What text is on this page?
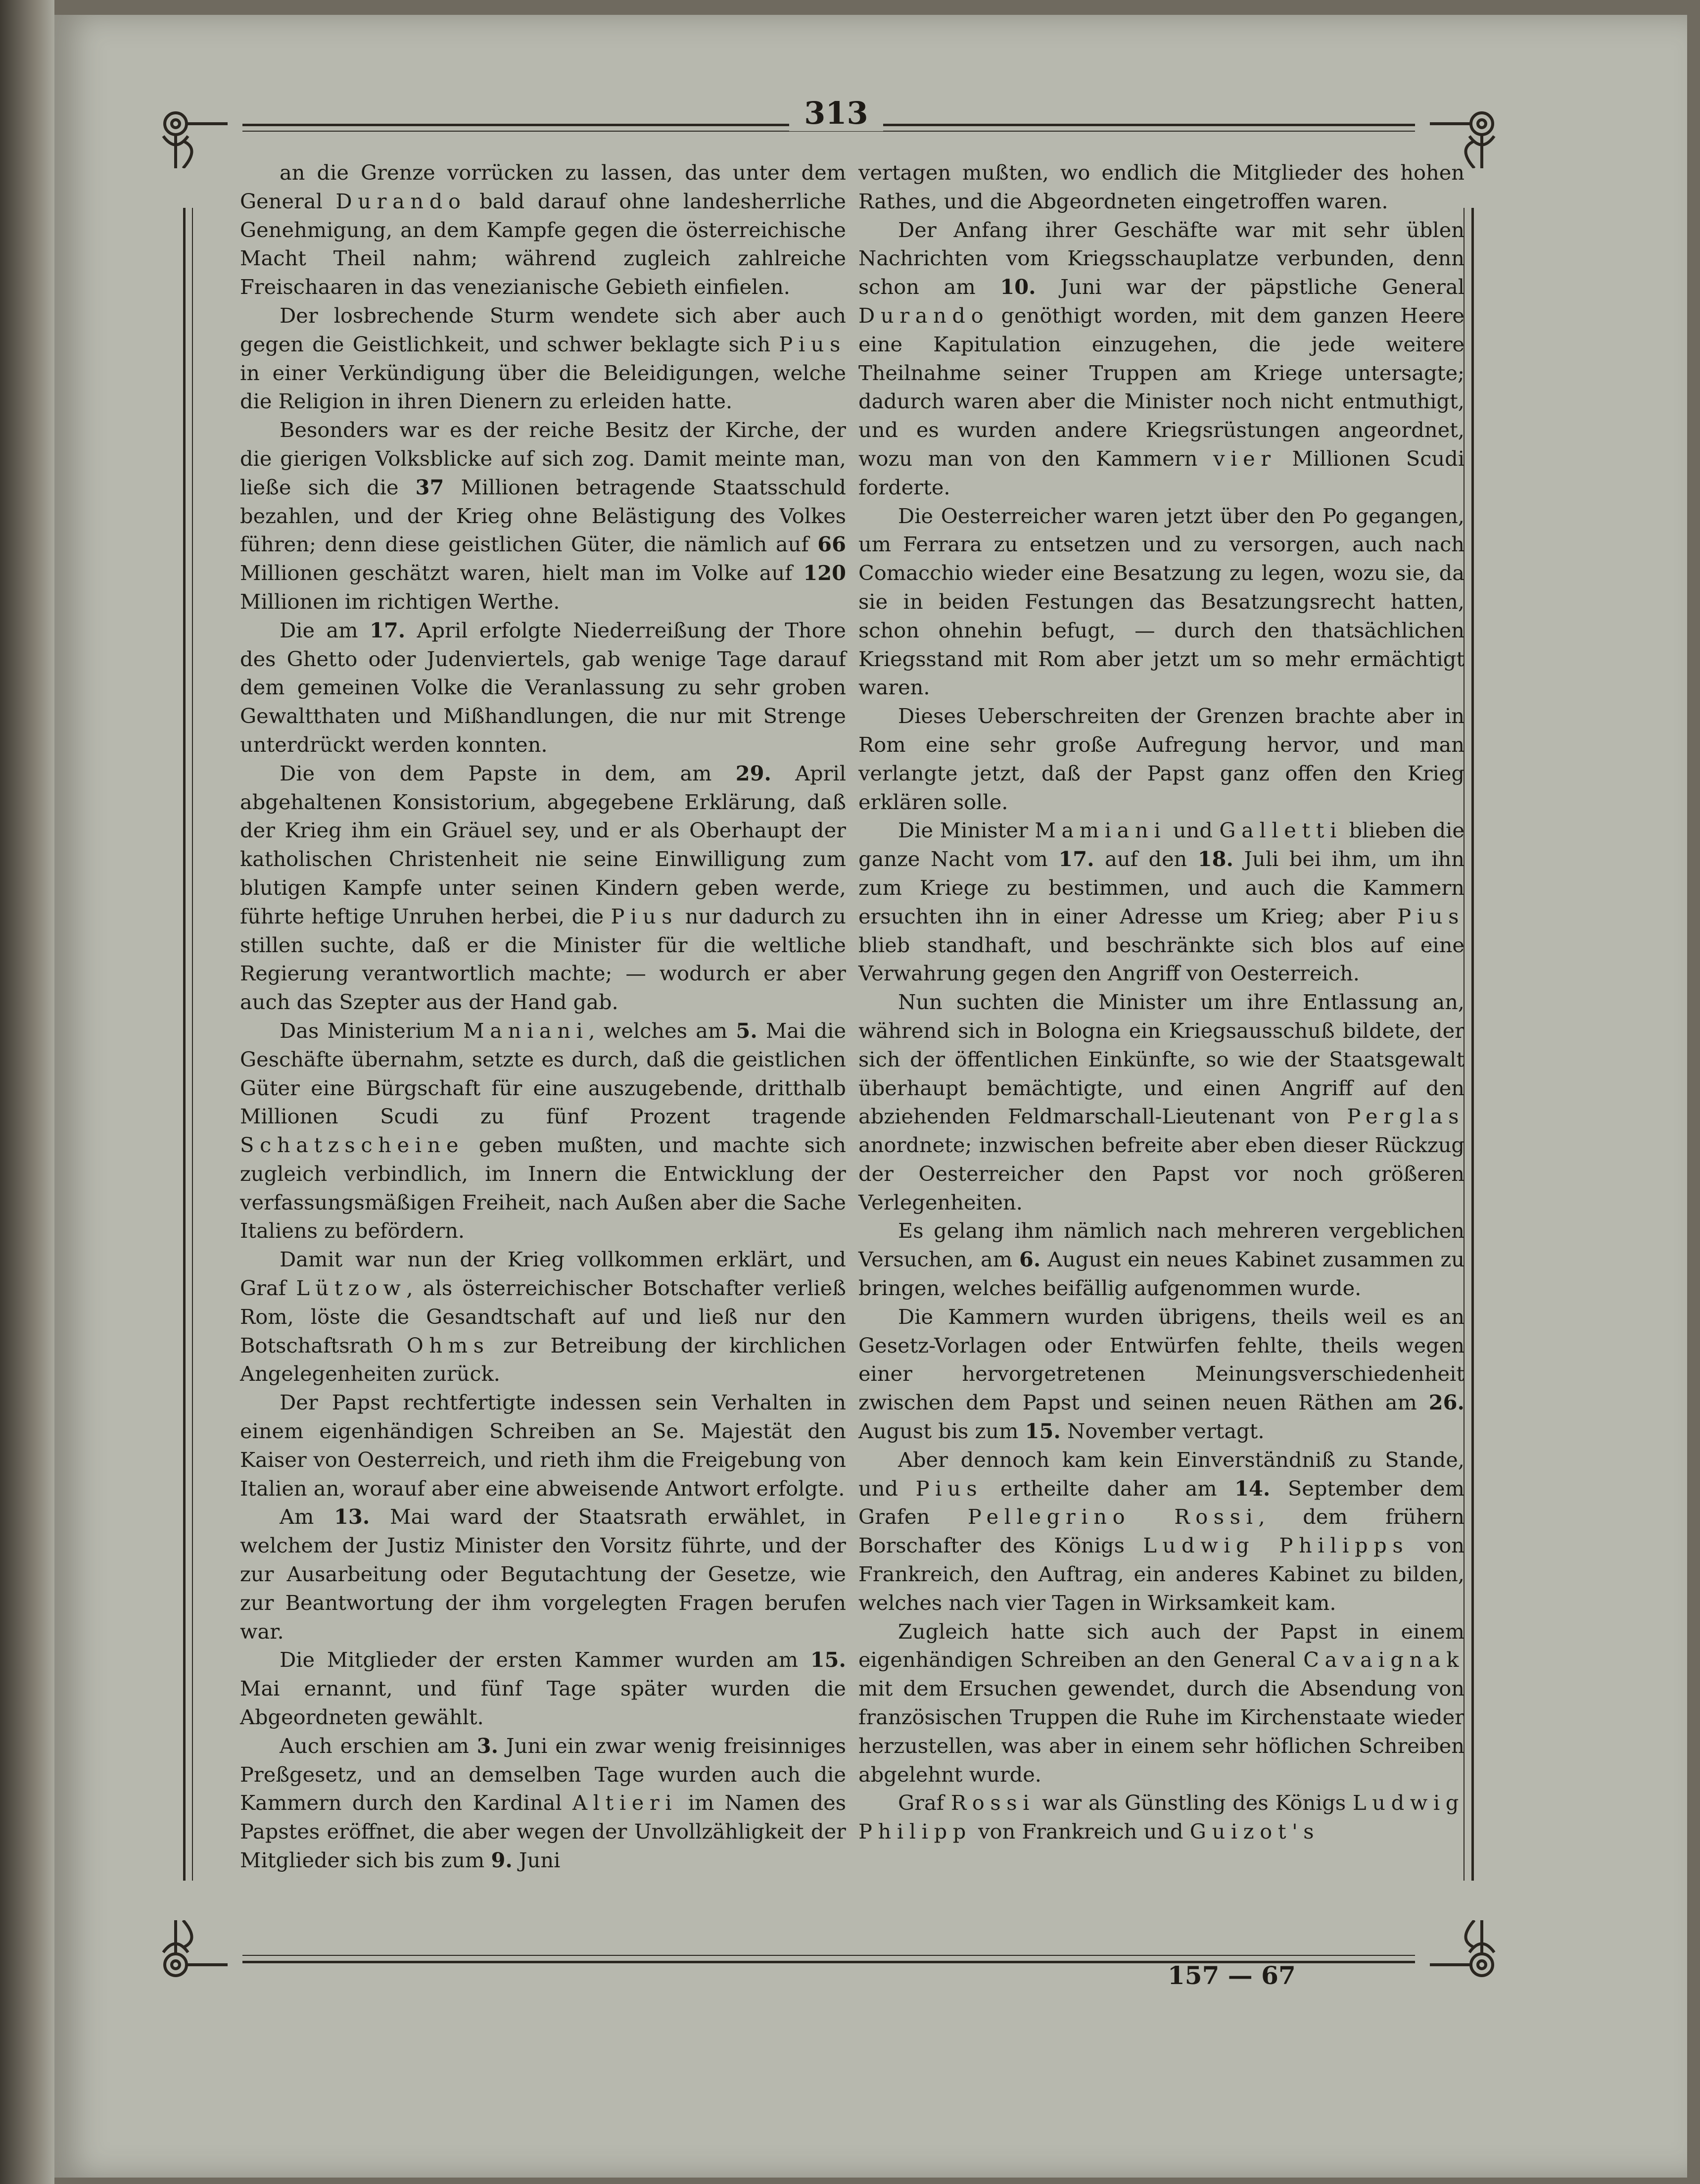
313

an die Grenze vorrücken zu lassen, das unter dem General Durando bald darauf ohne landesherrliche Genehmigung, an dem Kampfe gegen die österreichische Macht Theil nahm; während zugleich zahlreiche Freischaaren in das venezianische Gebieth einfielen.

Der losbrechende Sturm wendete sich aber auch gegen die Geistlichkeit, und schwer beklagte sich Pius in einer Verkündigung über die Beleidigungen, welche die Religion in ihren Dienern zu erleiden hatte.

Besonders war es der reiche Besitz der Kirche, der die gierigen Volksblicke auf sich zog. Damit meinte man, ließe sich die 37 Millionen betragende Staatsschuld bezahlen, und der Krieg ohne Belästigung des Volkes führen; denn diese geistlichen Güter, die nämlich auf 66 Millionen geschätzt waren, hielt man im Volke auf 120 Millionen im richtigen Werthe.

Die am 17. April erfolgte Niederreißung der Thore des Ghetto oder Judenviertels, gab wenige Tage darauf dem gemeinen Volke die Veranlassung zu sehr groben Gewaltthaten und Mißhandlungen, die nur mit Strenge unterdrückt werden konnten.

Die von dem Papste in dem, am 29. April abgehaltenen Konsistorium, abgegebene Erklärung, daß der Krieg ihm ein Gräuel sey, und er als Oberhaupt der katholischen Christenheit nie seine Einwilligung zum blutigen Kampfe unter seinen Kindern geben werde, führte heftige Unruhen herbei, die Pius nur dadurch zu stillen suchte, daß er die Minister für die weltliche Regierung verantwortlich machte; — wodurch er aber auch das Szepter aus der Hand gab.

Das Ministerium Maniani, welches am 5. Mai die Geschäfte übernahm, setzte es durch, daß die geistlichen Güter eine Bürgschaft für eine auszugebende, dritthalb Millionen Scudi zu fünf Prozent tragende Schatzscheine geben mußten, und machte sich zugleich verbindlich, im Innern die Entwicklung der verfassungsmäßigen Freiheit, nach Außen aber die Sache Italiens zu befördern.

Damit war nun der Krieg vollkommen erklärt, und Graf Lützow, als österreichischer Botschafter verließ Rom, löste die Gesandtschaft auf und ließ nur den Botschaftsrath Ohms zur Betreibung der kirchlichen Angelegenheiten zurück.

Der Papst rechtfertigte indessen sein Verhalten in einem eigenhändigen Schreiben an Se. Majestät den Kaiser von Oesterreich, und rieth ihm die Freigebung von Italien an, worauf aber eine abweisende Antwort erfolgte.

Am 13. Mai ward der Staatsrath erwählet, in welchem der Justiz Minister den Vorsitz führte, und der zur Ausarbeitung oder Begutachtung der Gesetze, wie zur Beantwortung der ihm vorgelegten Fragen berufen war.

Die Mitglieder der ersten Kammer wurden am 15. Mai ernannt, und fünf Tage später wurden die Abgeordneten gewählt.

Auch erschien am 3. Juni ein zwar wenig freisinniges Preßgesetz, und an demselben Tage wurden auch die Kammern durch den Kardinal Altieri im Namen des Papstes eröffnet, die aber wegen der Unvollzähligkeit der Mitglieder sich bis zum 9. Juni

vertagen mußten, wo endlich die Mitglieder des hohen Rathes, und die Abgeordneten eingetroffen waren.

Der Anfang ihrer Geschäfte war mit sehr üblen Nachrichten vom Kriegsschauplatze verbunden, denn schon am 10. Juni war der päpstliche General Durando genöthigt worden, mit dem ganzen Heere eine Kapitulation einzugehen, die jede weitere Theilnahme seiner Truppen am Kriege untersagte; dadurch waren aber die Minister noch nicht entmuthigt, und es wurden andere Kriegsrüstungen angeordnet, wozu man von den Kammern vier Millionen Scudi forderte.

Die Oesterreicher waren jetzt über den Po gegangen, um Ferrara zu entsetzen und zu versorgen, auch nach Comacchio wieder eine Besatzung zu legen, wozu sie, da sie in beiden Festungen das Besatzungsrecht hatten, schon ohnehin befugt, — durch den thatsächlichen Kriegsstand mit Rom aber jetzt um so mehr ermächtigt waren.

Dieses Ueberschreiten der Grenzen brachte aber in Rom eine sehr große Aufregung hervor, und man verlangte jetzt, daß der Papst ganz offen den Krieg erklären solle.

Die Minister Mamiani und Galletti blieben die ganze Nacht vom 17. auf den 18. Juli bei ihm, um ihn zum Kriege zu bestimmen, und auch die Kammern ersuchten ihn in einer Adresse um Krieg; aber Pius blieb standhaft, und beschränkte sich blos auf eine Verwahrung gegen den Angriff von Oesterreich.

Nun suchten die Minister um ihre Entlassung an, während sich in Bologna ein Kriegsausschuß bildete, der sich der öffentlichen Einkünfte, so wie der Staatsgewalt überhaupt bemächtigte, und einen Angriff auf den abziehenden Feldmarschall-Lieutenant von Perglas anordnete; inzwischen befreite aber eben dieser Rückzug der Oesterreicher den Papst vor noch größeren Verlegenheiten.

Es gelang ihm nämlich nach mehreren vergeblichen Versuchen, am 6. August ein neues Kabinet zusammen zu bringen, welches beifällig aufgenommen wurde.

Die Kammern wurden übrigens, theils weil es an Gesetz-Vorlagen oder Entwürfen fehlte, theils wegen einer hervorgetretenen Meinungsverschiedenheit zwischen dem Papst und seinen neuen Räthen am 26. August bis zum 15. November vertagt.

Aber dennoch kam kein Einverständniß zu Stande, und Pius ertheilte daher am 14. September dem Grafen Pellegrino Rossi, dem frühern Borschafter des Königs Ludwig Philipps von Frankreich, den Auftrag, ein anderes Kabinet zu bilden, welches nach vier Tagen in Wirksamkeit kam.

Zugleich hatte sich auch der Papst in einem eigenhändigen Schreiben an den General Cavaignak mit dem Ersuchen gewendet, durch die Absendung von französischen Truppen die Ruhe im Kirchenstaate wieder herzustellen, was aber in einem sehr höflichen Schreiben abgelehnt wurde.

Graf Rossi war als Günstling des Königs Ludwig Philipp von Frankreich und Guizot's

157 — 67
